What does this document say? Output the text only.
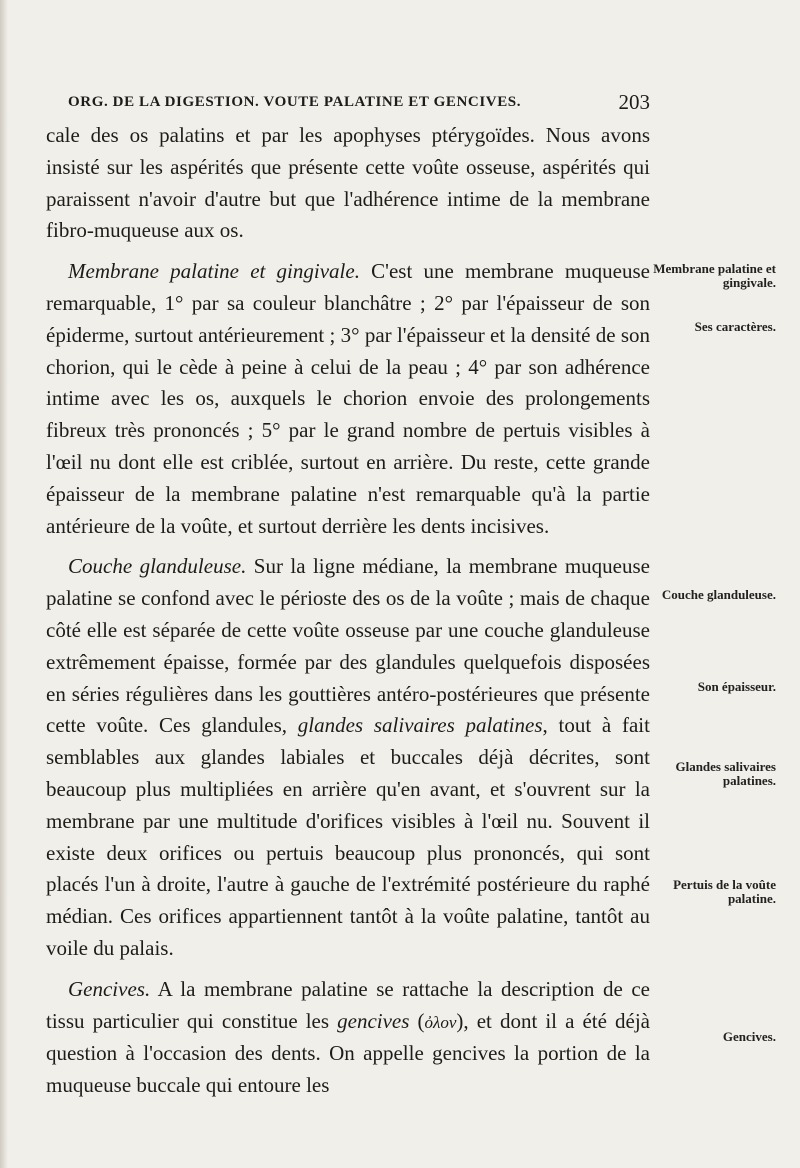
ORG. DE LA DIGESTION. VOUTE PALATINE ET GENCIVES.	203

cale des os palatins et par les apophyses ptérygoïdes. Nous avons insisté sur les aspérités que présente cette voûte osseuse, aspérités qui paraissent n'avoir d'autre but que l'adhérence intime de la membrane fibro-muqueuse aux os.

Membrane palatine et gingivale. C'est une membrane muqueuse remarquable, 1° par sa couleur blanchâtre ; 2° par l'épaisseur de son épiderme, surtout antérieurement ; 3° par l'épaisseur et la densité de son chorion, qui le cède à peine à celui de la peau ; 4° par son adhérence intime avec les os, auxquels le chorion envoie des prolongements fibreux très prononcés ; 5° par le grand nombre de pertuis visibles à l'œil nu dont elle est criblée, surtout en arrière. Du reste, cette grande épaisseur de la membrane palatine n'est remarquable qu'à la partie antérieure de la voûte, et surtout derrière les dents incisives.

Couche glanduleuse. Sur la ligne médiane, la membrane muqueuse palatine se confond avec le périoste des os de la voûte ; mais de chaque côté elle est séparée de cette voûte osseuse par une couche glanduleuse extrêmement épaisse, formée par des glandules quelquefois disposées en séries régulières dans les gouttières antéro-postérieures que présente cette voûte. Ces glandules, glandes salivaires palatines, tout à fait semblables aux glandes labiales et buccales déjà décrites, sont beaucoup plus multipliées en arrière qu'en avant, et s'ouvrent sur la membrane par une multitude d'orifices visibles à l'œil nu. Souvent il existe deux orifices ou pertuis beaucoup plus prononcés, qui sont placés l'un à droite, l'autre à gauche de l'extrémité postérieure du raphé médian. Ces orifices appartiennent tantôt à la voûte palatine, tantôt au voile du palais.

Gencives. A la membrane palatine se rattache la description de ce tissu particulier qui constitue les gencives (ὀλον), et dont il a été déjà question à l'occasion des dents. On appelle gencives la portion de la muqueuse buccale qui entoure les

Membrane palatine et gingivale.
Ses caractères.
Couche glanduleuse.
Son épaisseur.
Glandes salivaires palatines.
Pertuis de la voûte palatine.
Gencives.
